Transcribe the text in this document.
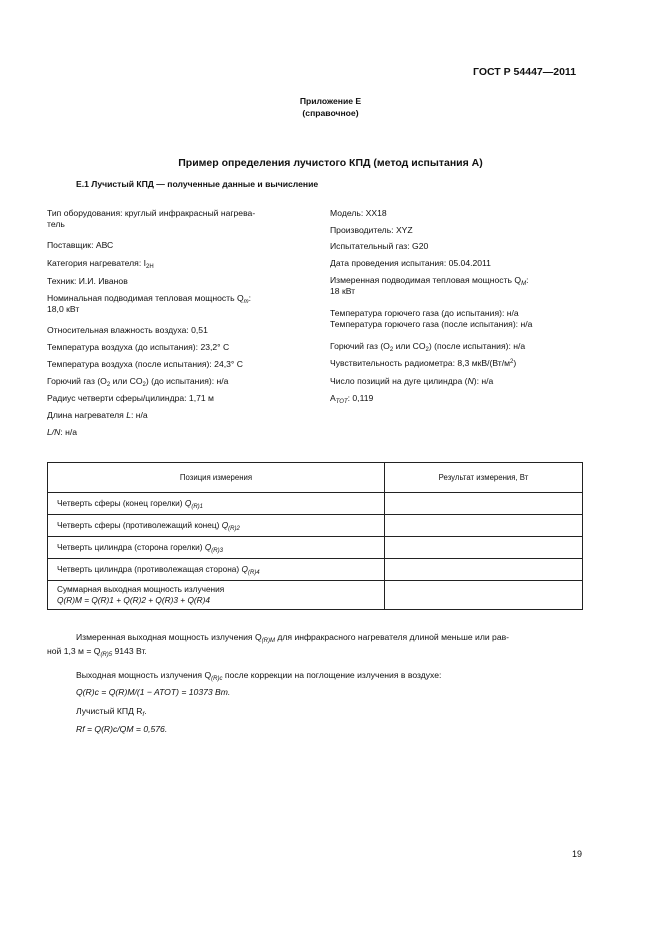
ГОСТ Р 54447—2011
Приложение Е
(справочное)
Пример определения лучистого КПД (метод испытания А)
Е.1 Лучистый КПД — полученные данные и вычисление
Тип оборудования: круглый инфракрасный нагрева-
тель
Поставщик: АВС
Категория нагревателя: $I_{2H}$
Техник: И.И. Иванов
Номинальная подводимая тепловая мощность $Q_m$:
18,0 кВт
Относительная влажность воздуха: 0,51
Температура воздуха (до испытания): 23,2° С
Температура воздуха (после испытания): 24,3° С
Горючий газ ($O_2$ или $CO_2$) (до испытания): н/а
Радиус четверти сферы/цилиндра: 1,71 м
Длина нагревателя L: н/а
L/N: н/а
Модель: XX18
Производитель: XYZ
Испытательный газ: G20
Дата проведения испытания: 05.04.2011
Измеренная подводимая тепловая мощность $Q_M$:
18 кВт
Температура горючего газа (до испытания): н/а
Температура горючего газа (после испытания): н/а
Горючий газ ($O_2$ или $CO_2$) (после испытания): н/а
Чувствительность радиометра: 8,3 мкВ/$(Вт/м^2)$
Число позиций на дуге цилиндра (N): н/а
$A_{TOT}$: 0,119
Позиция измерения	Результат измерения, Вт
Четверть сферы (конец горелки) $Q_{(R)1}$	
Четверть сферы (противолежащий конец) $Q_{(R)2}$	
Четверть цилиндра (сторона горелки) $Q_{(R)3}$	
Четверть цилиндра (противолежащая сторона) $Q_{(R)4}$	

Суммарная выходная мощность излучения
Q(R)M = Q(R)1 + Q(R)2 + Q(R)3 + Q(R)4	

Измеренная выходная мощность излучения $Q_{(R)M}$ для инфракрасного нагревателя длиной меньше или рав-
ной 1,3 $м = Q_{(R)5}$ 9143 Вт.
Выходная мощность излучения $Q_{(R)c}$ после коррекции на поглощение излучения в воздухе:
Q(R)c = Q(R)M/(1 − ATOT) = 10373 Вт.
Лучистый КПД $R_f$.
Rf = Q(R)c/QM = 0,576.
19
